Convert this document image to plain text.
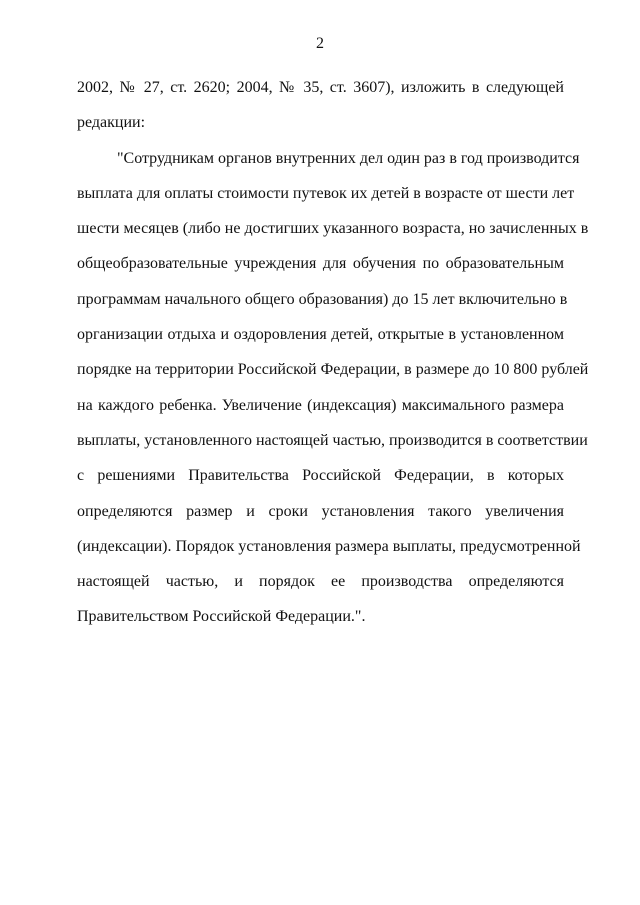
2
2002, № 27, ст. 2620; 2004, № 35, ст. 3607), изложить в следующей
редакции:
"Сотрудникам органов внутренних дел один раз в год производится
выплата для оплаты стоимости путевок их детей в возрасте от шести лет
шести месяцев (либо не достигших указанного возраста, но зачисленных в
общеобразовательные учреждения для обучения по образовательным
программам начального общего образования) до 15 лет включительно в
организации отдыха и оздоровления детей, открытые в установленном
порядке на территории Российской Федерации, в размере до 10 800 рублей
на каждого ребенка. Увеличение (индексация) максимального размера
выплаты, установленного настоящей частью, производится в соответствии
с решениями Правительства Российской Федерации, в которых
определяются размер и сроки установления такого увеличения
(индексации). Порядок установления размера выплаты, предусмотренной
настоящей частью, и порядок ее производства определяются
Правительством Российской Федерации.".
